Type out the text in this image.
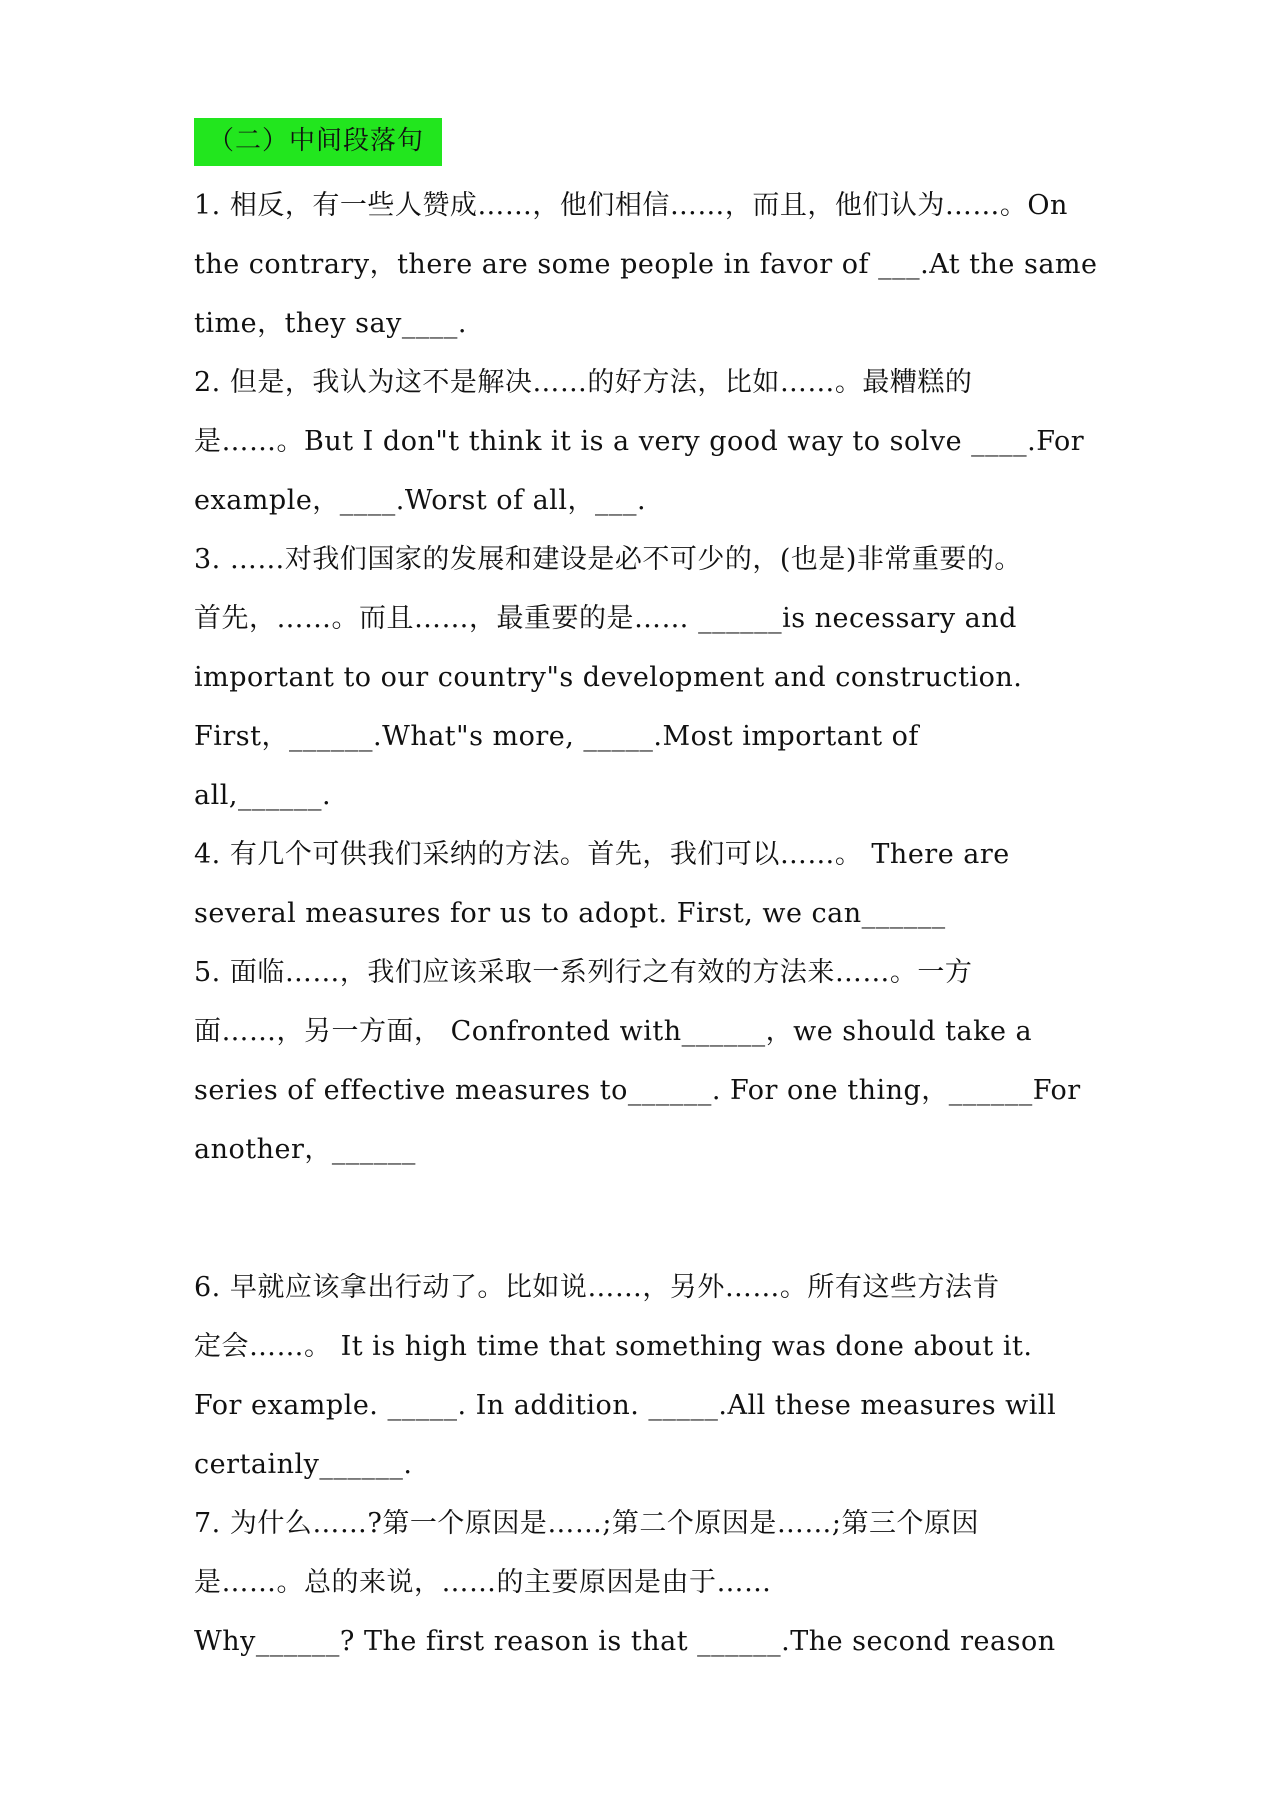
（二）中间段落句
1. 相反，有一些人赞成……，他们相信……，而且，他们认为……。On
the contrary，there are some people in favor of ___.At the same
time，they say____.
2. 但是，我认为这不是解决……的好方法，比如……。最糟糕的
是……。But I don"t think it is a very good way to solve ____.For
example，____.Worst of all，___.
3. ……对我们国家的发展和建设是必不可少的，(也是)非常重要的。
首先，……。而且……，最重要的是…… ______is necessary and
important to our country"s development and construction.
First，______.What"s more, _____.Most important of
all,______.
4. 有几个可供我们采纳的方法。首先，我们可以……。 There are
several measures for us to adopt. First, we can______
5. 面临……，我们应该采取一系列行之有效的方法来……。一方
面……，另一方面， Confronted with______，we should take a
series of effective measures to______. For one thing，______For
another，______
6. 早就应该拿出行动了。比如说……，另外……。所有这些方法肯
定会……。 It is high time that something was done about it.
For example. _____. In addition. _____.All these measures will
certainly______.
7. 为什么……?第一个原因是……;第二个原因是……;第三个原因
是……。总的来说，……的主要原因是由于……
Why______? The first reason is that ______.The second reason
